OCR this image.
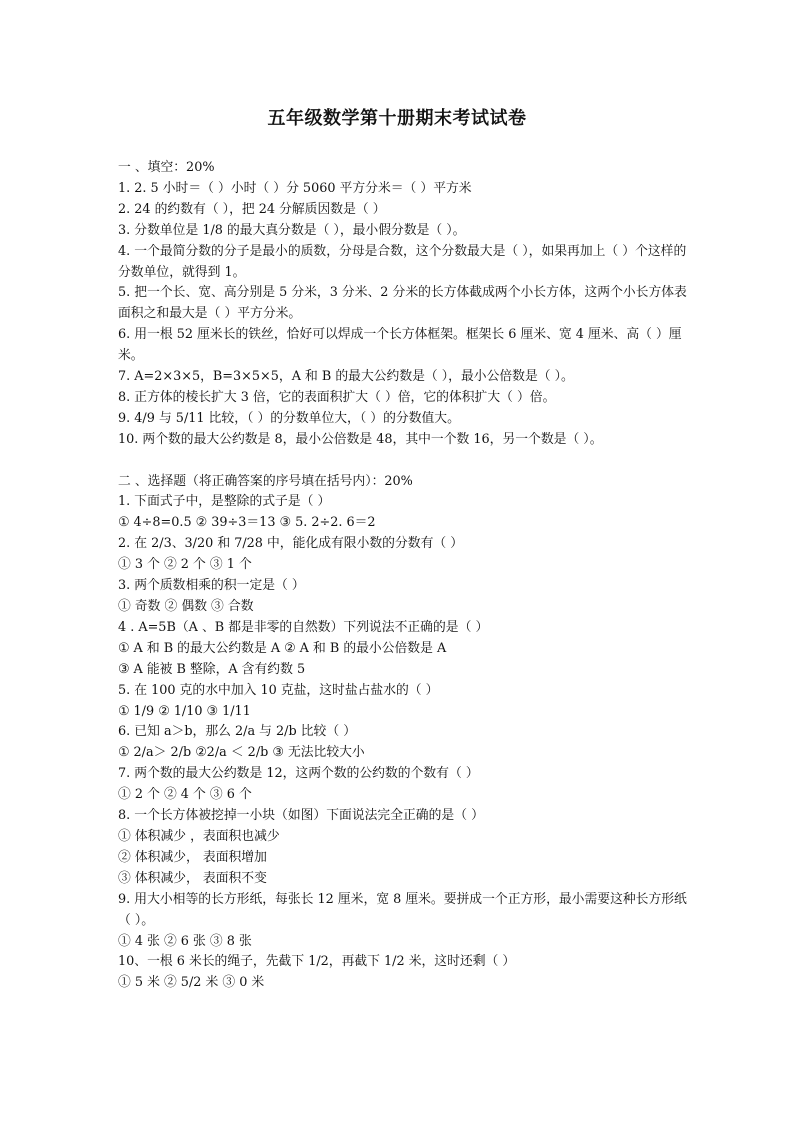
五年级数学第十册期末考试试卷
一 、填空：20%
1. 2. 5 小时＝（ ）小时（ ）分 5060 平方分米＝（ ）平方米
2. 24 的约数有（ ），把 24 分解质因数是（ ）
3. 分数单位是 1/8 的最大真分数是（ ），最小假分数是（ ）。
4. 一个最简分数的分子是最小的质数，分母是合数，这个分数最大是（ ），如果再加上（ ）个这样的分数单位，就得到 1。
5. 把一个长、宽、高分别是 5 分米，3 分米、2 分米的长方体截成两个小长方体，这两个小长方体表面积之和最大是（ ）平方分米。
6. 用一根 52 厘米长的铁丝，恰好可以焊成一个长方体框架。框架长 6 厘米、宽 4 厘米、高（ ）厘米。
7. A=2×3×5，B=3×5×5，A 和 B 的最大公约数是（ ），最小公倍数是（ ）。
8. 正方体的棱长扩大 3 倍，它的表面积扩大（ ）倍，它的体积扩大（ ）倍。
9. 4/9 与 5/11 比较，（ ）的分数单位大，（ ）的分数值大。
10. 两个数的最大公约数是 8，最小公倍数是 48，其中一个数 16，另一个数是（ ）。
二 、选择题（将正确答案的序号填在括号内）：20%
1. 下面式子中，是整除的式子是（ ）
① 4÷8=0.5 ② 39÷3＝13 ③ 5. 2÷2. 6＝2
2. 在 2/3、3/20 和 7/28 中，能化成有限小数的分数有（ ）
① 3 个 ② 2 个 ③ 1 个
3. 两个质数相乘的积一定是（ ）
① 奇数 ② 偶数 ③ 合数
4 . A=5B（A 、B 都是非零的自然数）下列说法不正确的是（ ）
① A 和 B 的最大公约数是 A ② A 和 B 的最小公倍数是 A
③ A 能被 B 整除，A 含有约数 5
5. 在 100 克的水中加入 10 克盐，这时盐占盐水的（ ）
① 1/9 ② 1/10 ③ 1/11
6. 已知 a＞b，那么 2/a 与 2/b 比较（ ）
① 2/a＞ 2/b ②2/a ＜ 2/b ③ 无法比较大小
7. 两个数的最大公约数是 12，这两个数的公约数的个数有（ ）
① 2 个 ② 4 个 ③ 6 个
8. 一个长方体被挖掉一小块（如图）下面说法完全正确的是（ ）
① 体积减少 ，表面积也减少
② 体积减少， 表面积增加
③ 体积减少， 表面积不变
9. 用大小相等的长方形纸，每张长 12 厘米，宽 8 厘米。要拼成一个正方形，最小需要这种长方形纸（ ）。
① 4 张 ② 6 张 ③ 8 张
10、一根 6 米长的绳子，先截下 1/2，再截下 1/2 米，这时还剩（ ）
① 5 米 ② 5/2 米 ③ 0 米
